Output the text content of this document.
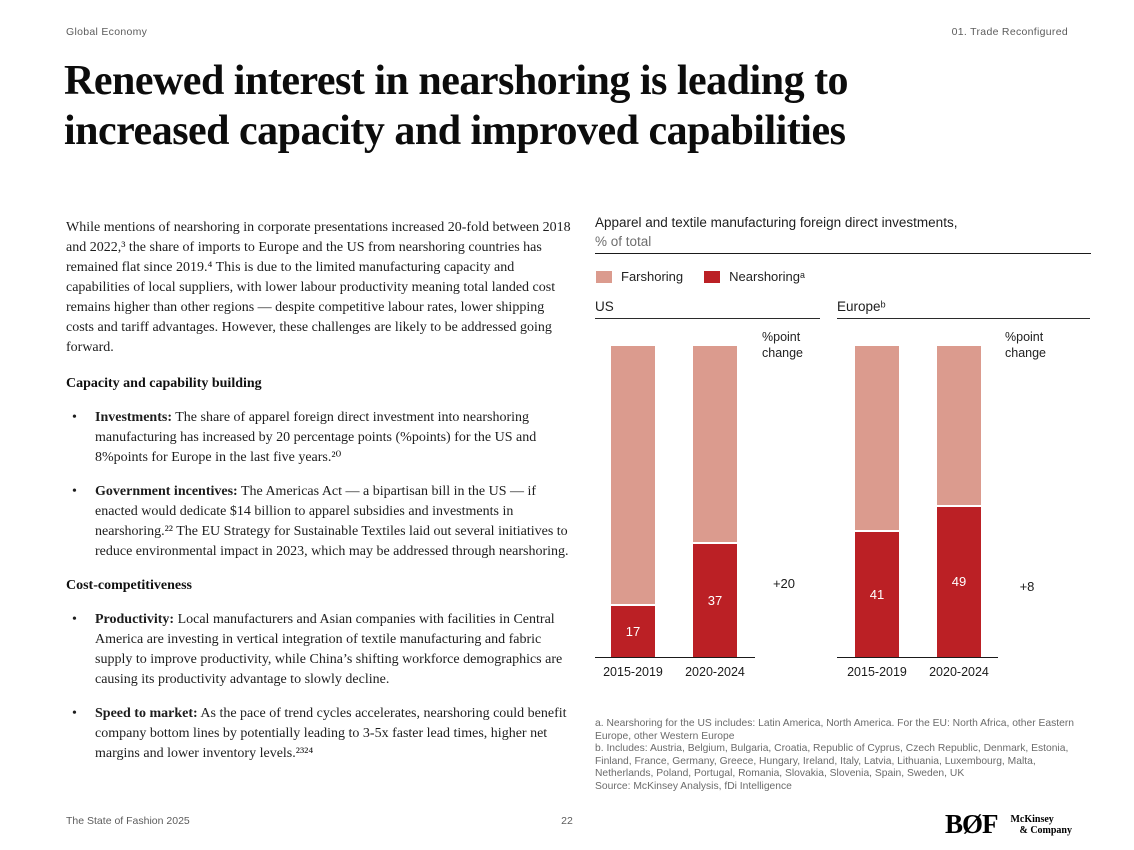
Global Economy	01. Trade Reconfigured
Renewed interest in nearshoring is leading to
increased capacity and improved capabilities

While mentions of nearshoring in corporate presentations increased 20-fold between 2018 and 2022,³ the share of imports to Europe and the US from nearshoring countries has remained flat since 2019.⁴ This is due to the limited manufacturing capacity and capabilities of local suppliers, with lower labour productivity meaning total landed cost remains higher than other regions — despite competitive labour rates, lower shipping costs and tariff advantages. However, these challenges are likely to be addressed going forward.

Capacity and capability building
• Investments: The share of apparel foreign direct investment into nearshoring manufacturing has increased by 20 percentage points (%points) for the US and 8%points for Europe in the last five years.²⁰
• Government incentives: The Americas Act — a bipartisan bill in the US — if enacted would dedicate $14 billion to apparel subsidies and investments in nearshoring.²² The EU Strategy for Sustainable Textiles laid out several initiatives to reduce environmental impact in 2023, which may be addressed through nearshoring.
Cost-competitiveness
• Productivity: Local manufacturers and Asian companies with facilities in Central America are investing in vertical integration of textile manufacturing and fabric supply to improve productivity, while China’s shifting workforce demographics are causing its productivity advantage to slowly decline.
• Speed to market: As the pace of trend cycles accelerates, nearshoring could benefit company bottom lines by potentially leading to 3-5x faster lead times, higher net margins and lower inventory levels.²³²⁴
Apparel and textile manufacturing foreign direct investments,
% of total
Farshoring	Nearshoringᵃ
US
%point
change
17
37
2015-2019	2020-2024
+20
Europeᵇ
%point
change
41
49
2015-2019	2020-2024
+8

a. Nearshoring for the US includes: Latin America, North America. For the EU: North Africa, other Eastern Europe, other Western Europe

b. Includes: Austria, Belgium, Bulgaria, Croatia, Republic of Cyprus, Czech Republic, Denmark, Estonia, Finland, France, Germany, Greece, Hungary, Ireland, Italy, Latvia, Lithuania, Luxembourg, Malta, Netherlands, Poland, Portugal, Romania, Slovakia, Slovenia, Spain, Sweden, UK

Source: McKinsey Analysis, fDi Intelligence

The State of Fashion 2025	22	BØF McKinsey
& Company
